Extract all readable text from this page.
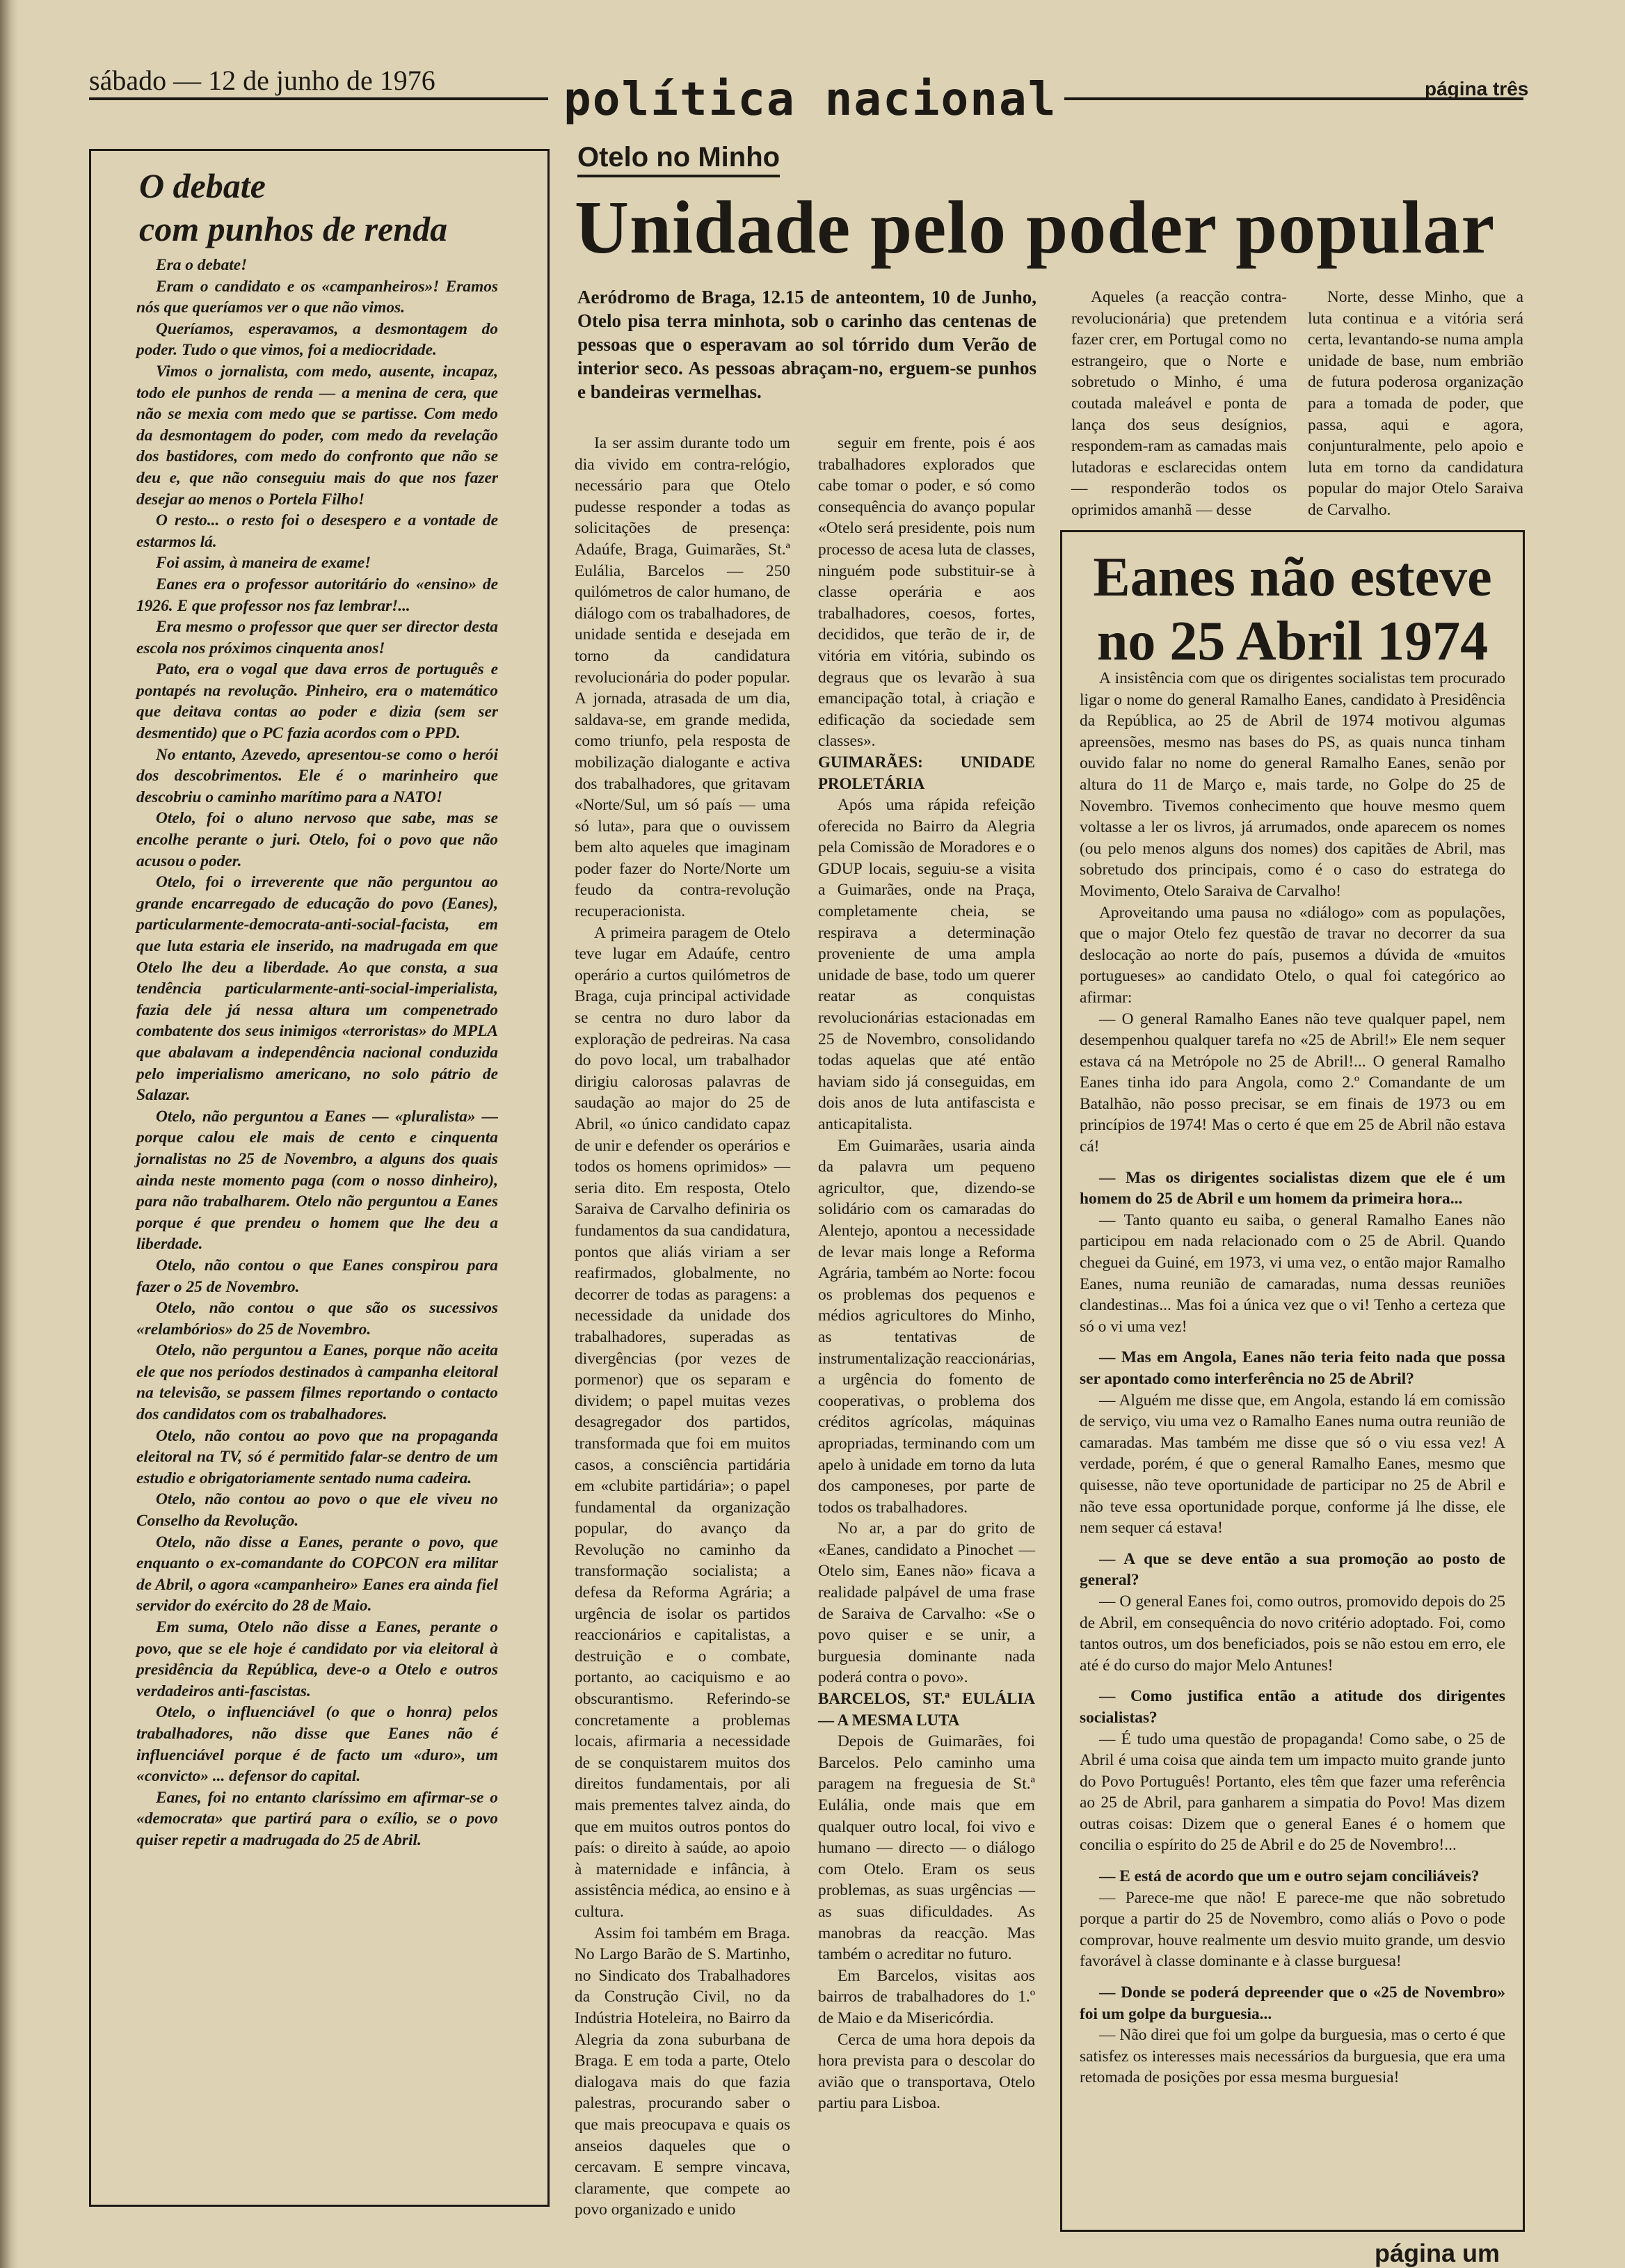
sábado — 12 de junho de 1976	política nacional	página três
O debate
com punhos de renda

Era o debate!

Eram o candidato e os «campanheiros»! Eramos nós que queríamos ver o que não vimos.

Queríamos, esperavamos, a desmontagem do poder. Tudo o que vimos, foi a mediocridade.

Vimos o jornalista, com medo, ausente, incapaz, todo ele punhos de renda — a menina de cera, que não se mexia com medo que se partisse. Com medo da desmontagem do poder, com medo da revelação dos bastidores, com medo do confronto que não se deu e, que não conseguiu mais do que nos fazer desejar ao menos o Portela Filho!

O resto... o resto foi o desespero e a vontade de estarmos lá.

Foi assim, à maneira de exame!

Eanes era o professor autoritário do «ensino» de 1926. E que professor nos faz lembrar!...

Era mesmo o professor que quer ser director desta escola nos próximos cinquenta anos!

Pato, era o vogal que dava erros de português e pontapés na revolução. Pinheiro, era o matemático que deitava contas ao poder e dizia (sem ser desmentido) que o PC fazia acordos com o PPD.

No entanto, Azevedo, apresentou-se como o herói dos descobrimentos. Ele é o marinheiro que descobriu o caminho marítimo para a NATO!

Otelo, foi o aluno nervoso que sabe, mas se encolhe perante o juri. Otelo, foi o povo que não acusou o poder.

Otelo, foi o irreverente que não perguntou ao grande encarregado de educação do povo (Eanes), particularmente-democrata-anti-social-facista, em que luta estaria ele inserido, na madrugada em que Otelo lhe deu a liberdade. Ao que consta, a sua tendência particularmente-anti-social-imperialista, fazia dele já nessa altura um compenetrado combatente dos seus inimigos «terroristas» do MPLA que abalavam a independência nacional conduzida pelo imperialismo americano, no solo pátrio de Salazar.

Otelo, não perguntou a Eanes — «pluralista» — porque calou ele mais de cento e cinquenta jornalistas no 25 de Novembro, a alguns dos quais ainda neste momento paga (com o nosso dinheiro), para não trabalharem. Otelo não perguntou a Eanes porque é que prendeu o homem que lhe deu a liberdade.

Otelo, não contou o que Eanes conspirou para fazer o 25 de Novembro.

Otelo, não contou o que são os sucessivos «relambórios» do 25 de Novembro.

Otelo, não perguntou a Eanes, porque não aceita ele que nos períodos destinados à campanha eleitoral na televisão, se passem filmes reportando o contacto dos candidatos com os trabalhadores.

Otelo, não contou ao povo que na propaganda eleitoral na TV, só é permitido falar-se dentro de um estudio e obrigatoriamente sentado numa cadeira.

Otelo, não contou ao povo o que ele viveu no Conselho da Revolução.

Otelo, não disse a Eanes, perante o povo, que enquanto o ex-comandante do COPCON era militar de Abril, o agora «campanheiro» Eanes era ainda fiel servidor do exército do 28 de Maio.

Em suma, Otelo não disse a Eanes, perante o povo, que se ele hoje é candidato por via eleitoral à presidência da República, deve-o a Otelo e outros verdadeiros anti-fascistas.

Otelo, o influenciável (o que o honra) pelos trabalhadores, não disse que Eanes não é influenciável porque é de facto um «duro», um «convicto» ... defensor do capital.

Eanes, foi no entanto claríssimo em afirmar-se o «democrata» que partirá para o exílio, se o povo quiser repetir a madrugada do 25 de Abril.

Otelo no Minho
Unidade pelo poder popular
Aeródromo de Braga, 12.15 de anteontem, 10 de Junho, Otelo pisa terra minhota, sob o carinho das centenas de pessoas que o esperavam ao sol tórrido dum Verão de interior seco. As pessoas abraçam-no, erguem-se punhos e bandeiras vermelhas.

Ia ser assim durante todo um dia vivido em contra-relógio, necessário para que Otelo pudesse responder a todas as solicitações de presença: Adaúfe, Braga, Guimarães, St.ª Eulália, Barcelos — 250 quilómetros de calor humano, de diálogo com os trabalhadores, de unidade sentida e desejada em torno da candidatura revolucionária do poder popular. A jornada, atrasada de um dia, saldava-se, em grande medida, como triunfo, pela resposta de mobilização dialogante e activa dos trabalhadores, que gritavam «Norte/Sul, um só país — uma só luta», para que o ouvissem bem alto aqueles que imaginam poder fazer do Norte/Norte um feudo da contra-revolução recuperacionista.

A primeira paragem de Otelo teve lugar em Adaúfe, centro operário a curtos quilómetros de Braga, cuja principal actividade se centra no duro labor da exploração de pedreiras. Na casa do povo local, um trabalhador dirigiu calorosas palavras de saudação ao major do 25 de Abril, «o único candidato capaz de unir e defender os operários e todos os homens oprimidos» — seria dito. Em resposta, Otelo Saraiva de Carvalho definiria os fundamentos da sua candidatura, pontos que aliás viriam a ser reafirmados, globalmente, no decorrer de todas as paragens: a necessidade da unidade dos trabalhadores, superadas as divergências (por vezes de pormenor) que os separam e dividem; o papel muitas vezes desagregador dos partidos, transformada que foi em muitos casos, a consciência partidária em «clubite partidária»; o papel fundamental da organização popular, do avanço da Revolução no caminho da transformação socialista; a defesa da Reforma Agrária; a urgência de isolar os partidos reaccionários e capitalistas, a destruição e o combate, portanto, ao caciquismo e ao obscurantismo. Referindo-se concretamente a problemas locais, afirmaria a necessidade de se conquistarem muitos dos direitos fundamentais, por ali mais prementes talvez ainda, do que em muitos outros pontos do país: o direito à saúde, ao apoio à maternidade e infância, à assistência médica, ao ensino e à cultura.

Assim foi também em Braga. No Largo Barão de S. Martinho, no Sindicato dos Trabalhadores da Construção Civil, no da Indústria Hoteleira, no Bairro da Alegria da zona suburbana de Braga. E em toda a parte, Otelo dialogava mais do que fazia palestras, procurando saber o que mais preocupava e quais os anseios daqueles que o cercavam. E sempre vincava, claramente, que compete ao povo organizado e unido

seguir em frente, pois é aos trabalhadores explorados que cabe tomar o poder, e só como consequência do avanço popular «Otelo será presidente, pois num processo de acesa luta de classes, ninguém pode substituir-se à classe operária e aos trabalhadores, coesos, fortes, decididos, que terão de ir, de vitória em vitória, subindo os degraus que os levarão à sua emancipação total, à criação e edificação da sociedade sem classes».

GUIMARÃES: UNIDADE PROLETÁRIA

Após uma rápida refeição oferecida no Bairro da Alegria pela Comissão de Moradores e o GDUP locais, seguiu-se a visita a Guimarães, onde na Praça, completamente cheia, se respirava a determinação proveniente de uma ampla unidade de base, todo um querer reatar as conquistas revolucionárias estacionadas em 25 de Novembro, consolidando todas aquelas que até então haviam sido já conseguidas, em dois anos de luta antifascista e anticapitalista.

Em Guimarães, usaria ainda da palavra um pequeno agricultor, que, dizendo-se solidário com os camaradas do Alentejo, apontou a necessidade de levar mais longe a Reforma Agrária, também ao Norte: focou os problemas dos pequenos e médios agricultores do Minho, as tentativas de instrumentalização reaccionárias, a urgência do fomento de cooperativas, o problema dos créditos agrícolas, máquinas apropriadas, terminando com um apelo à unidade em torno da luta dos camponeses, por parte de todos os trabalhadores.

No ar, a par do grito de «Eanes, candidato a Pinochet — Otelo sim, Eanes não» ficava a realidade palpável de uma frase de Saraiva de Carvalho: «Se o povo quiser e se unir, a burguesia dominante nada poderá contra o povo».

BARCELOS, ST.ª EULÁLIA — A MESMA LUTA

Depois de Guimarães, foi Barcelos. Pelo caminho uma paragem na freguesia de St.ª Eulália, onde mais que em qualquer outro local, foi vivo e humano — directo — o diálogo com Otelo. Eram os seus problemas, as suas urgências — as suas dificuldades. As manobras da reacção. Mas também o acreditar no futuro.

Em Barcelos, visitas aos bairros de trabalhadores do 1.º de Maio e da Misericórdia.

Cerca de uma hora depois da hora prevista para o descolar do avião que o transportava, Otelo partiu para Lisboa.

Aqueles (a reacção contra-revolucionária) que pretendem fazer crer, em Portugal como no estrangeiro, que o Norte e sobretudo o Minho, é uma coutada maleável e ponta de lança dos seus desígnios, respondem-ram as camadas mais lutadoras e esclarecidas ontem — responderão todos os oprimidos amanhã — desse

Norte, desse Minho, que a luta continua e a vitória será certa, levantando-se numa ampla unidade de base, num embrião de futura poderosa organização para a tomada de poder, que passa, aqui e agora, conjunturalmente, pelo apoio e luta em torno da candidatura popular do major Otelo Saraiva de Carvalho.

Eanes não esteve
no 25 Abril 1974

A insistência com que os dirigentes socialistas tem procurado ligar o nome do general Ramalho Eanes, candidato à Presidência da República, ao 25 de Abril de 1974 motivou algumas apreensões, mesmo nas bases do PS, as quais nunca tinham ouvido falar no nome do general Ramalho Eanes, senão por altura do 11 de Março e, mais tarde, no Golpe do 25 de Novembro. Tivemos conhecimento que houve mesmo quem voltasse a ler os livros, já arrumados, onde aparecem os nomes (ou pelo menos alguns dos nomes) dos capitães de Abril, mas sobretudo dos principais, como é o caso do estratega do Movimento, Otelo Saraiva de Carvalho!

Aproveitando uma pausa no «diálogo» com as populações, que o major Otelo fez questão de travar no decorrer da sua deslocação ao norte do país, pusemos a dúvida de «muitos portugueses» ao candidato Otelo, o qual foi categórico ao afirmar:

— O general Ramalho Eanes não teve qualquer papel, nem desempenhou qualquer tarefa no «25 de Abril!» Ele nem sequer estava cá na Metrópole no 25 de Abril!... O general Ramalho Eanes tinha ido para Angola, como 2.º Comandante de um Batalhão, não posso precisar, se em finais de 1973 ou em princípios de 1974! Mas o certo é que em 25 de Abril não estava cá!

— Mas os dirigentes socialistas dizem que ele é um homem do 25 de Abril e um homem da primeira hora...

— Tanto quanto eu saiba, o general Ramalho Eanes não participou em nada relacionado com o 25 de Abril. Quando cheguei da Guiné, em 1973, vi uma vez, o então major Ramalho Eanes, numa reunião de camaradas, numa dessas reuniões clandestinas... Mas foi a única vez que o vi! Tenho a certeza que só o vi uma vez!

— Mas em Angola, Eanes não teria feito nada que possa ser apontado como interferência no 25 de Abril?

— Alguém me disse que, em Angola, estando lá em comissão de serviço, viu uma vez o Ramalho Eanes numa outra reunião de camaradas. Mas também me disse que só o viu essa vez! A verdade, porém, é que o general Ramalho Eanes, mesmo que quisesse, não teve oportunidade de participar no 25 de Abril e não teve essa oportunidade porque, conforme já lhe disse, ele nem sequer cá estava!

— A que se deve então a sua promoção ao posto de general?

— O general Eanes foi, como outros, promovido depois do 25 de Abril, em consequência do novo critério adoptado. Foi, como tantos outros, um dos beneficiados, pois se não estou em erro, ele até é do curso do major Melo Antunes!

— Como justifica então a atitude dos dirigentes socialistas?

— É tudo uma questão de propaganda! Como sabe, o 25 de Abril é uma coisa que ainda tem um impacto muito grande junto do Povo Português! Portanto, eles têm que fazer uma referência ao 25 de Abril, para ganharem a simpatia do Povo! Mas dizem outras coisas: Dizem que o general Eanes é o homem que concilia o espírito do 25 de Abril e do 25 de Novembro!...

— E está de acordo que um e outro sejam conciliáveis?

— Parece-me que não! E parece-me que não sobretudo porque a partir do 25 de Novembro, como aliás o Povo o pode comprovar, houve realmente um desvio muito grande, um desvio favorável à classe dominante e à classe burguesa!

— Donde se poderá depreender que o «25 de Novembro» foi um golpe da burguesia...

— Não direi que foi um golpe da burguesia, mas o certo é que satisfez os interesses mais necessários da burguesia, que era uma retomada de posições por essa mesma burguesia!

página um
